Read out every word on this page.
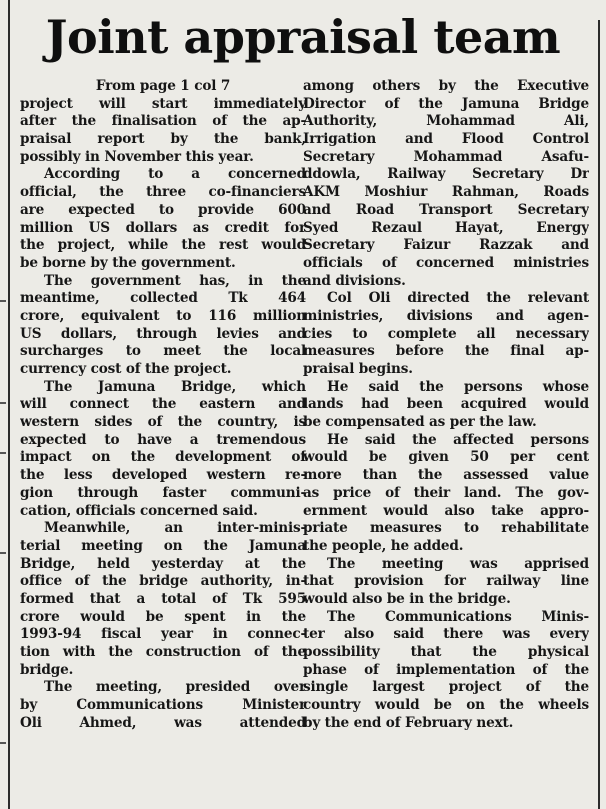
Joint appraisal team
From page 1 col 7
project will start immediately
after the finalisation of the ap-
praisal report by the bank,
possibly in November this year.
According to a concerned
official, the three co-financiers
are expected to provide 600
million US dollars as credit for
the project, while the rest would
be borne by the government.
The government has, in the
meantime, collected Tk 464
crore, equivalent to 116 million
US dollars, through levies and
surcharges to meet the local
currency cost of the project.
The Jamuna Bridge, which
will connect the eastern and
western sides of the country, is
expected to have a tremendous
impact on the development of
the less developed western re-
gion through faster communi-
cation, officials concerned said.
Meanwhile, an inter-minis-
terial meeting on the Jamuna
Bridge, held yesterday at the
office of the bridge authority, in-
formed that a total of Tk 595
crore would be spent in the
1993-94 fiscal year in connec-
tion with the construction of the
bridge.
The meeting, presided over
by Communications Minister
Oli Ahmed, was attended
among others by the Executive
Director of the Jamuna Bridge
Authority, Mohammad Ali,
Irrigation and Flood Control
Secretary Mohammad Asafu-
ddowla, Railway Secretary Dr
AKM Moshiur Rahman, Roads
and Road Transport Secretary
Syed Rezaul Hayat, Energy
Secretary Faizur Razzak and
officials of concerned ministries
and divisions.
Col Oli directed the relevant
ministries, divisions and agen-
cies to complete all necessary
measures before the final ap-
praisal begins.
He said the persons whose
lands had been acquired would
be compensated as per the law.
He said the affected persons
would be given 50 per cent
more than the assessed value
as price of their land. The gov-
ernment would also take appro-
priate measures to rehabilitate
the people, he added.
The meeting was apprised
that provision for railway line
would also be in the bridge.
The Communications Minis-
ter also said there was every
possibility that the physical
phase of implementation of the
single largest project of the
country would be on the wheels
by the end of February next.
